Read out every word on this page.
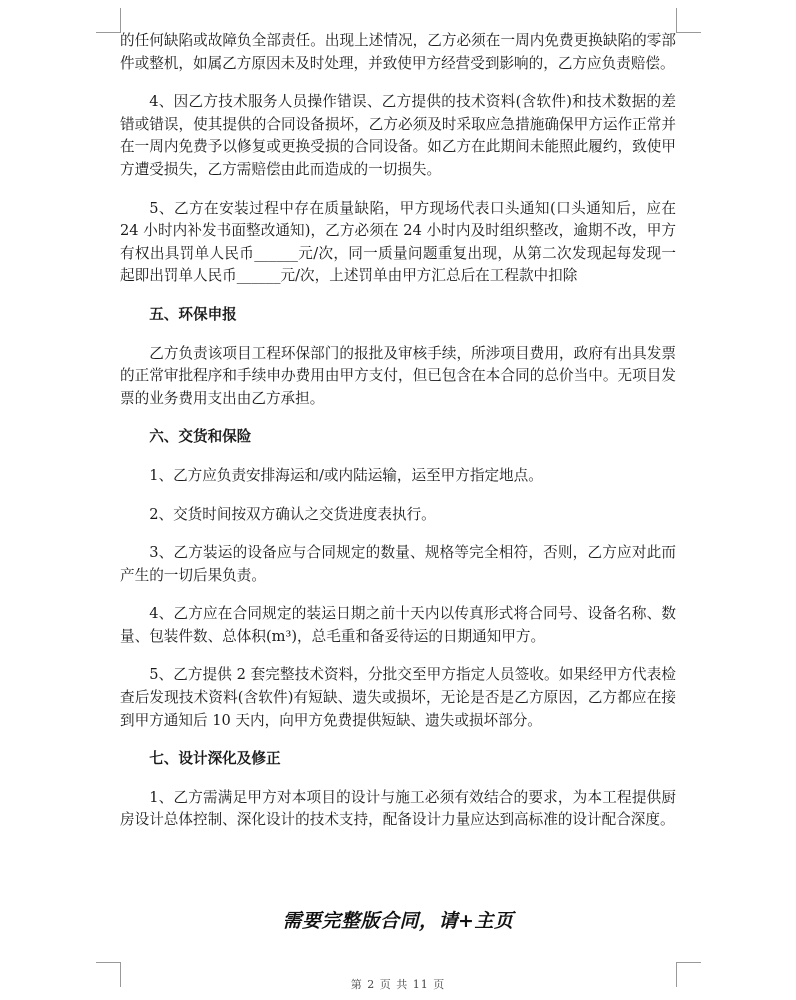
的任何缺陷或故障负全部责任。出现上述情况，乙方必须在一周内免费更换缺陷的零部件或整机，如属乙方原因未及时处理，并致使甲方经营受到影响的，乙方应负责赔偿。

4、因乙方技术服务人员操作错误、乙方提供的技术资料(含软件)和技术数据的差错或错误，使其提供的合同设备损坏，乙方必须及时采取应急措施确保甲方运作正常并在一周内免费予以修复或更换受损的合同设备。如乙方在此期间未能照此履约，致使甲方遭受损失，乙方需赔偿由此而造成的一切损失。

5、乙方在安装过程中存在质量缺陷，甲方现场代表口头通知(口头通知后，应在 24 小时内补发书面整改通知)，乙方必须在 24 小时内及时组织整改，逾期不改，甲方有权出具罚单人民币______元/次，同一质量问题重复出现，从第二次发现起每发现一起即出罚单人民币______元/次，上述罚单由甲方汇总后在工程款中扣除

五、环保申报

乙方负责该项目工程环保部门的报批及审核手续，所涉项目费用，政府有出具发票的正常审批程序和手续申办费用由甲方支付，但已包含在本合同的总价当中。无项目发票的业务费用支出由乙方承担。

六、交货和保险

1、乙方应负责安排海运和/或内陆运输，运至甲方指定地点。

2、交货时间按双方确认之交货进度表执行。

3、乙方装运的设备应与合同规定的数量、规格等完全相符，否则，乙方应对此而产生的一切后果负责。

4、乙方应在合同规定的装运日期之前十天内以传真形式将合同号、设备名称、数量、包装件数、总体积(m³)，总毛重和备妥待运的日期通知甲方。

5、乙方提供 2 套完整技术资料，分批交至甲方指定人员签收。如果经甲方代表检查后发现技术资料(含软件)有短缺、遗失或损坏，无论是否是乙方原因，乙方都应在接到甲方通知后 10 天内，向甲方免费提供短缺、遗失或损坏部分。

七、设计深化及修正

1、乙方需满足甲方对本项目的设计与施工必须有效结合的要求，为本工程提供厨房设计总体控制、深化设计的技术支持，配备设计力量应达到高标准的设计配合深度。

需要完整版合同，请+主页
第 2 页 共 11 页
